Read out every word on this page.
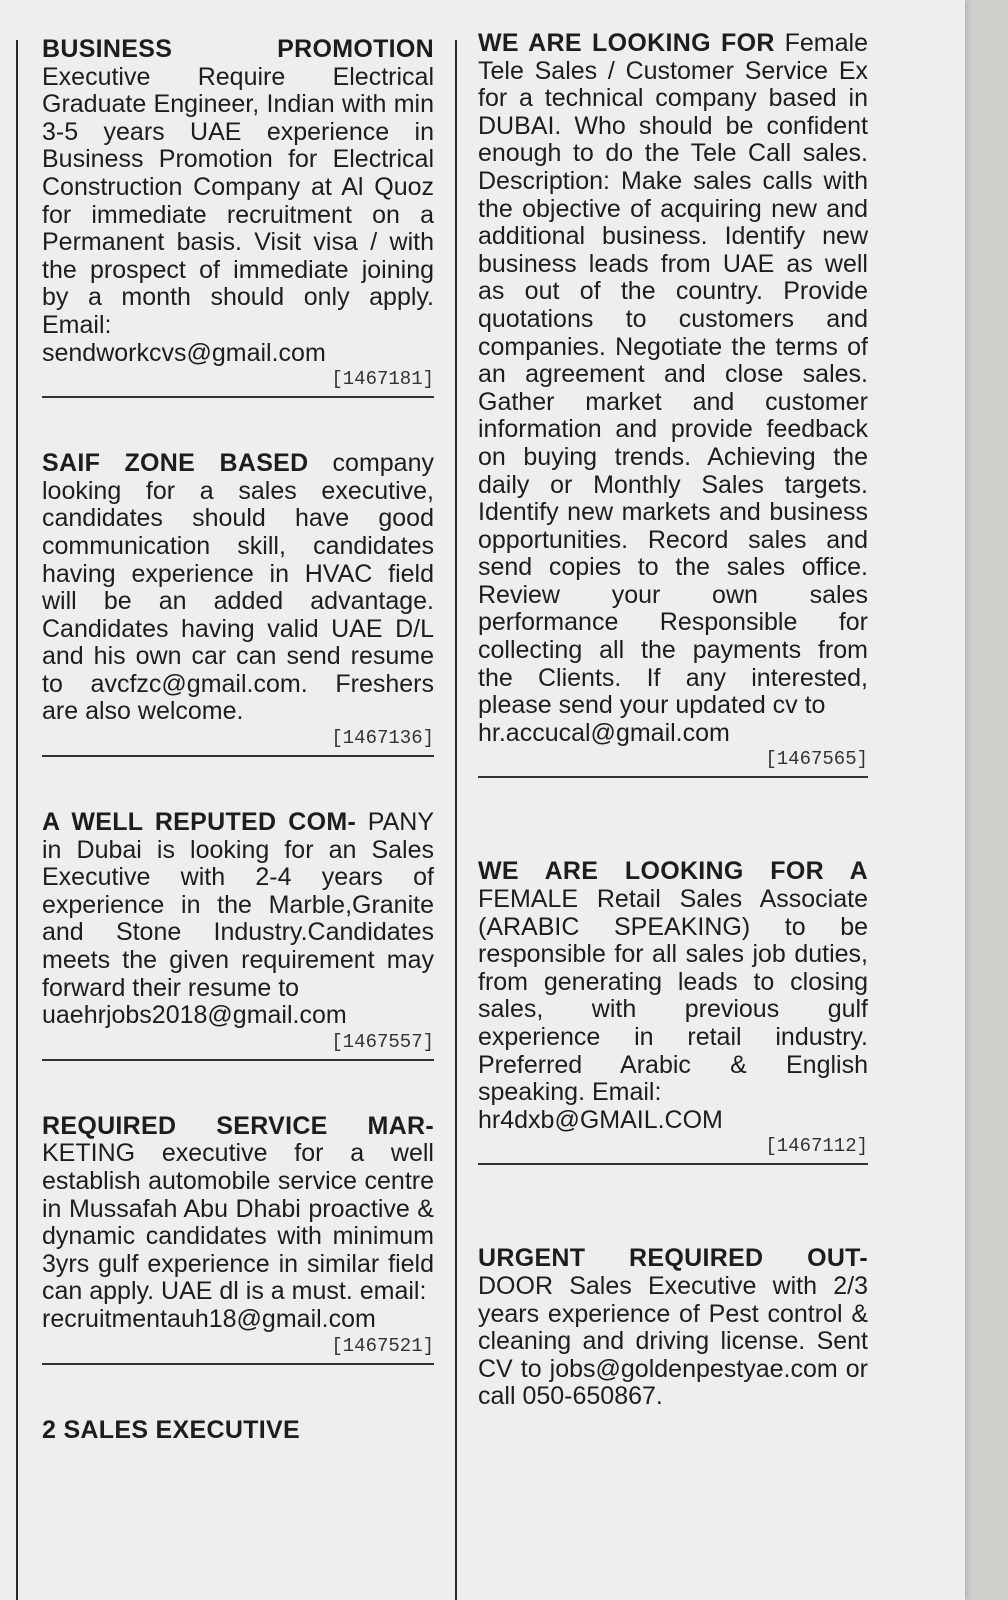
BUSINESS PROMOTION Executive Require Electrical Graduate Engineer, Indian with min 3-5 years UAE experience in Business Promotion for Electrical Construction Company at Al Quoz for immediate recruitment on a Permanent basis. Visit visa / with the prospect of immediate joining by a month should only apply. Email:
sendworkcvs@gmail.com
[1467181]
SAIF ZONE BASED company looking for a sales executive, candidates should have good communication skill, candidates having experience in HVAC field will be an added advantage. Candidates having valid UAE D/L and his own car can send resume to avcfzc@gmail.com. Freshers are also welcome.
[1467136]
A WELL REPUTED COM- PANY in Dubai is looking for an Sales Executive with 2-4 years of experience in the Marble,Granite and Stone Industry.Candidates meets the given requirement may forward their resume to
uaehrjobs2018@gmail.com
[1467557]
REQUIRED SERVICE MAR- KETING executive for a well establish automobile service centre in Mussafah Abu Dhabi proactive & dynamic candidates with minimum 3yrs gulf experience in similar field can apply. UAE dl is a must. email:
recruitmentauh18@gmail.com
[1467521]
2 SALES EXECUTIVE
WE ARE LOOKING FOR Female Tele Sales / Customer Service Ex for a technical company based in DUBAI. Who should be confident enough to do the Tele Call sales. Description: Make sales calls with the objective of acquiring new and additional business. Identify new business leads from UAE as well as out of the country. Provide quotations to customers and companies. Negotiate the terms of an agreement and close sales. Gather market and customer information and provide feedback on buying trends. Achieving the daily or Monthly Sales targets. Identify new markets and business opportunities. Record sales and send copies to the sales office. Review your own sales performance Responsible for collecting all the payments from the Clients. If any interested, please send your updated cv to
hr.accucal@gmail.com
[1467565]
WE ARE LOOKING FOR A FEMALE Retail Sales Associate (ARABIC SPEAKING) to be responsible for all sales job duties, from generating leads to closing sales, with previous gulf experience in retail industry. Preferred Arabic & English speaking. Email:
hr4dxb@GMAIL.COM
[1467112]
URGENT REQUIRED OUT- DOOR Sales Executive with 2/3 years experience of Pest control & cleaning and driving license. Sent CV to jobs@goldenpestyae.com or call 050-650867.
